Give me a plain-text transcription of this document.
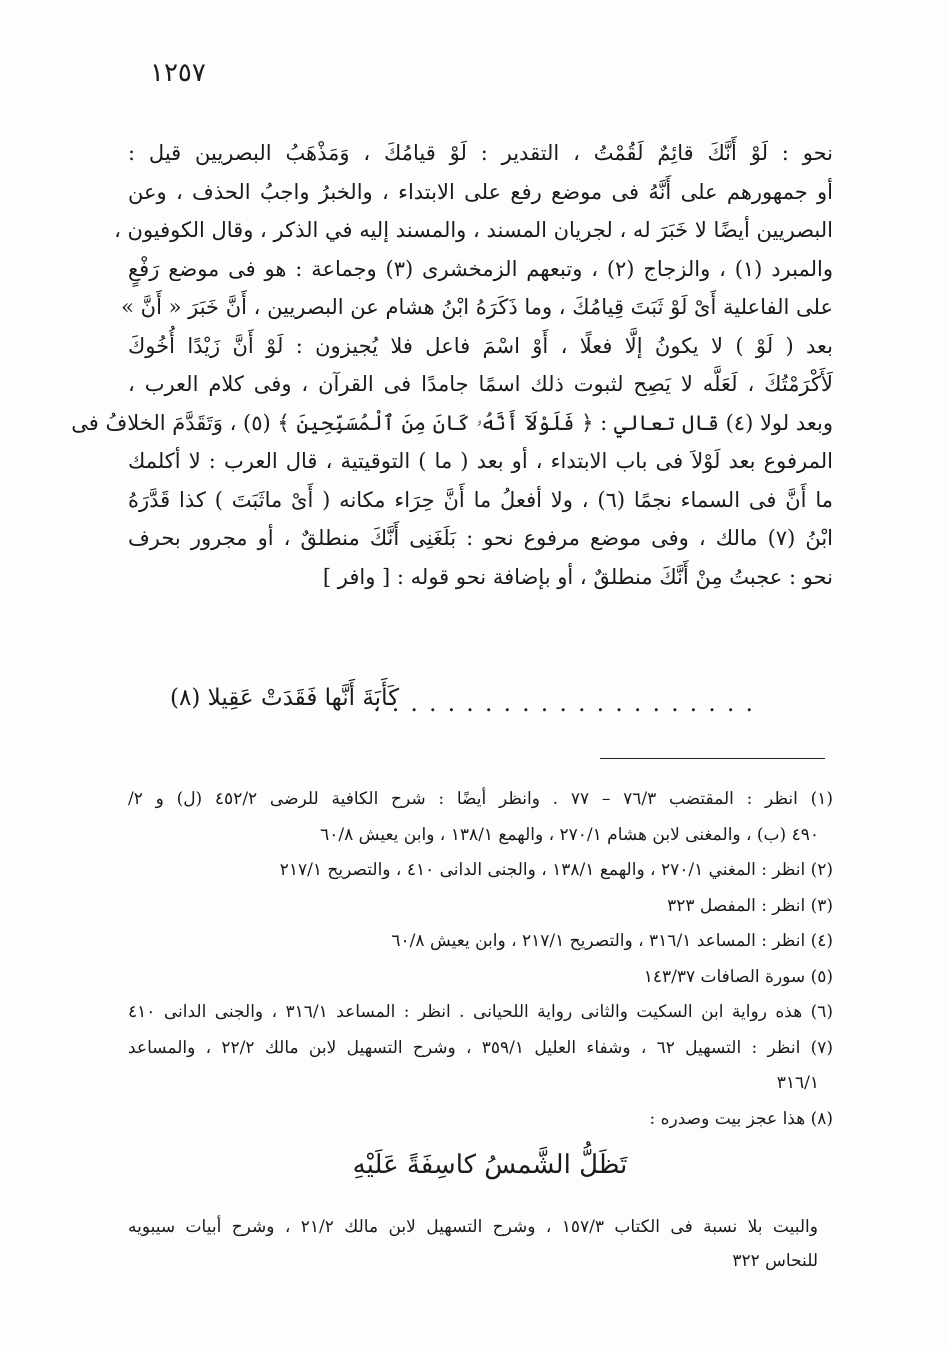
١٢٥٧
نحو : لَوْ أَنَّكَ قائِمٌ لَقُمْتُ ، التقدير : لَوْ قيامُكَ ، وَمَذْهَبُ البصريين قيل :
أو جمهورهم على أَنَّهُ فى موضع رفع على الابتداء ، والخبرُ واجبُ الحذف ، وعن
البصريين أيضًا لا خَبَرَ له ، لجريان المسند ، والمسند إليه في الذكر ، وقال الكوفيون ،
والمبرد (١) ، والزجاج (٢) ، وتبعهم الزمخشرى (٣) وجماعة : هو فى موضع رَفْعٍ
على الفاعلية أَىْ لَوْ ثَبَتَ قِيامُكَ ، وما ذَكَرَهُ ابْنُ هشام عن البصريين ، أَنَّ خَبَرَ « أَنَّ »
بعد ( لَوْ ) لا يكونُ إلَّا فعلًا ، أَوْ اسْمَ فاعل فلا يُجيزون : لَوْ أَنَّ زَيْدًا أُخُوكَ
لَأَكْرَمْتُكَ ، لَعَلَّه لا يَصِح لثبوت ذلك اسمًا جامدًا فى القرآن ، وفى كلام العرب ،
وبعد لولا (٤) قال تعالي : ﴿ فَلَوْلَآ أَنَّهُۥ كَانَ مِنَ ٱلْمُسَبِّحِينَ ﴾ (٥) ، وَتَقَدَّمَ الخلافُ فى
المرفوع بعد لَوْلاَ فى باب الابتداء ، أو بعد ( ما ) التوقيتية ، قال العرب : لا أكلمك
ما أَنَّ فى السماء نجمًا (٦) ، ولا أفعلُ ما أَنَّ حِرَاء مكانه ( أَىْ ماثَبَتَ ) كذا قَدَّرَهُ
ابْنُ (٧) مالك ، وفى موضع مرفوع نحو : بَلَغَنِى أَنَّكَ منطلقٌ ، أو مجرور بحرف
نحو : عجبتُ مِنْ أَنَّكَ منطلقٌ ، أو بإضافة نحو قوله : [ وافر ]
. . . . . . . . . . . . . . . . . . . . .
كَأَبَةَ أَنَّها فَقَدَتْ عَقِيلا (٨)
(١) انظر : المقتضب ٧٦/٣ – ٧٧ . وانظر أيضًا : شرح الكافية للرضى ٤٥٢/٢ (ل) و ٢/
٤٩٠ (ب) ، والمغنى لابن هشام ٢٧٠/١ ، والهمع ١٣٨/١ ، وابن يعيش ٦٠/٨
(٢) انظر : المغني ٢٧٠/١ ، والهمع ١٣٨/١ ، والجنى الدانى ٤١٠ ، والتصريح ٢١٧/١
(٣) انظر : المفصل ٣٢٣
(٤) انظر : المساعد ٣١٦/١ ، والتصريح ٢١٧/١ ، وابن يعيش ٦٠/٨
(٥) سورة الصافات ١٤٣/٣٧
(٦) هذه رواية ابن السكيت والثانى رواية اللحيانى . انظر : المساعد ٣١٦/١ ، والجنى الدانى ٤١٠
(٧) انظر : التسهيل ٦٢ ، وشفاء العليل ٣٥٩/١ ، وشرح التسهيل لابن مالك ٢٢/٢ ، والمساعد
٣١٦/١
(٨) هذا عجز بيت وصدره :
تَظَلُّ الشَّمسُ كاسِفَةً عَلَيْهِ
والبيت بلا نسبة فى الكتاب ١٥٧/٣ ، وشرح التسهيل لابن مالك ٢١/٢ ، وشرح أبيات سيبويه
للنحاس ٣٢٢
